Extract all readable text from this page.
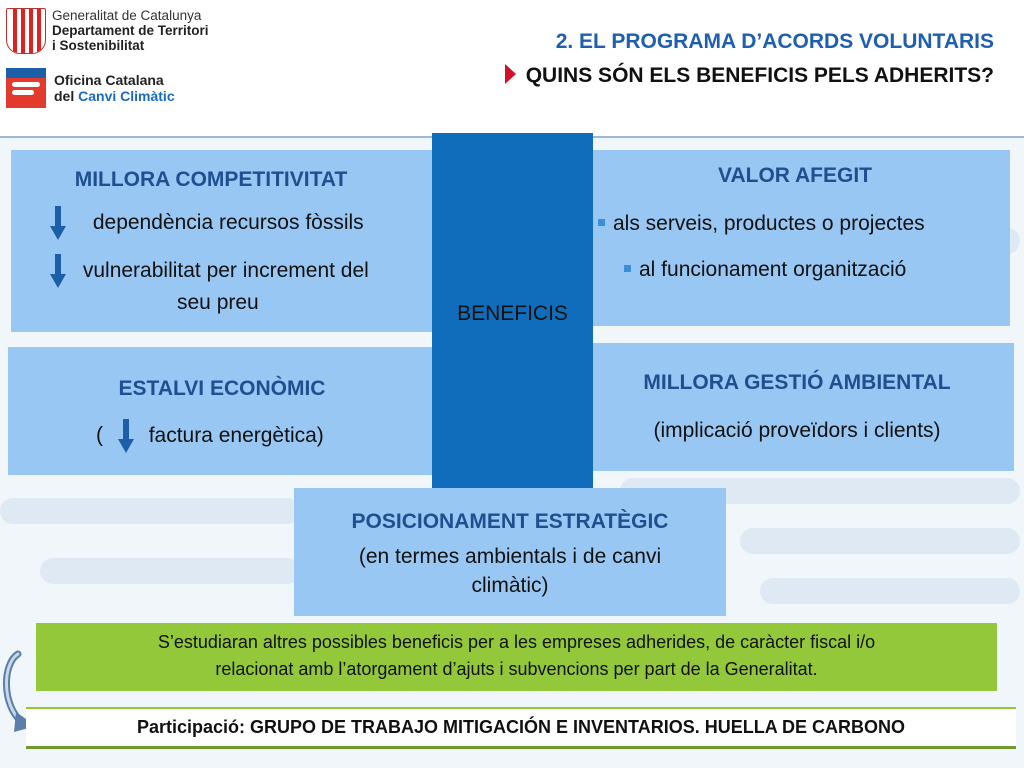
Generalitat de Catalunya
Departament de Territori
i Sostenibilitat
Oficina Catalana
del Canvi Climàtic
2. EL PROGRAMA D’ACORDS VOLUNTARIS
QUINS SÓN ELS BENEFICIS PELS ADHERITS?
MILLORA COMPETITIVITAT
dependència recursos fòssils
vulnerabilitat per increment del
seu preu
VALOR AFEGIT
als serveis, productes o projectes
al funcionament organització
ESTALVI ECONÒMIC
( factura energètica)
MILLORA GESTIÓ AMBIENTAL
(implicació proveïdors i clients)
BENEFICIS
POSICIONAMENT ESTRATÈGIC
(en termes ambientals i de canvi
climàtic)
S’estudiaran altres possibles beneficis per a les empreses adherides, de caràcter fiscal i/o
relacionat amb l’atorgament d’ajuts i subvencions per part de la Generalitat.
Participació: GRUPO DE TRABAJO MITIGACIÓN E INVENTARIOS. HUELLA DE CARBONO
